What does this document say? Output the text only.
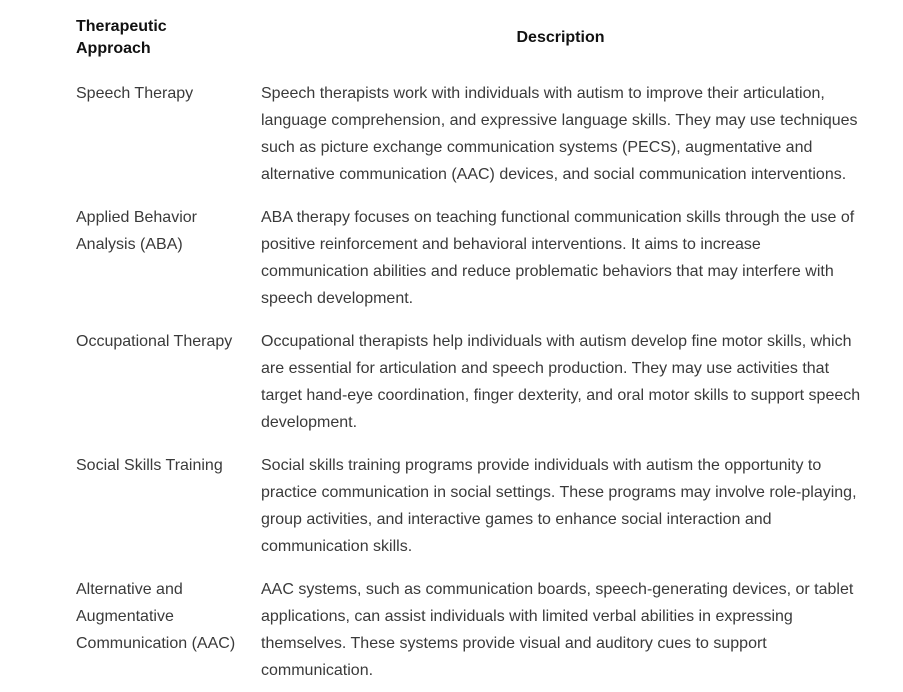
Therapeutic Approach	Description
Speech Therapy	Speech therapists work with individuals with autism to improve their articulation, language comprehension, and expressive language skills. They may use techniques such as picture exchange communication systems (PECS), augmentative and alternative communication (AAC) devices, and social communication interventions.
Applied Behavior Analysis (ABA)	ABA therapy focuses on teaching functional communication skills through the use of positive reinforcement and behavioral interventions. It aims to increase communication abilities and reduce problematic behaviors that may interfere with speech development.
Occupational Therapy	Occupational therapists help individuals with autism develop fine motor skills, which are essential for articulation and speech production. They may use activities that target hand-eye coordination, finger dexterity, and oral motor skills to support speech development.
Social Skills Training	Social skills training programs provide individuals with autism the opportunity to practice communication in social settings. These programs may involve role-playing, group activities, and interactive games to enhance social interaction and communication skills.
Alternative and Augmentative Communication (AAC)	AAC systems, such as communication boards, speech-generating devices, or tablet applications, can assist individuals with limited verbal abilities in expressing themselves. These systems provide visual and auditory cues to support communication.
